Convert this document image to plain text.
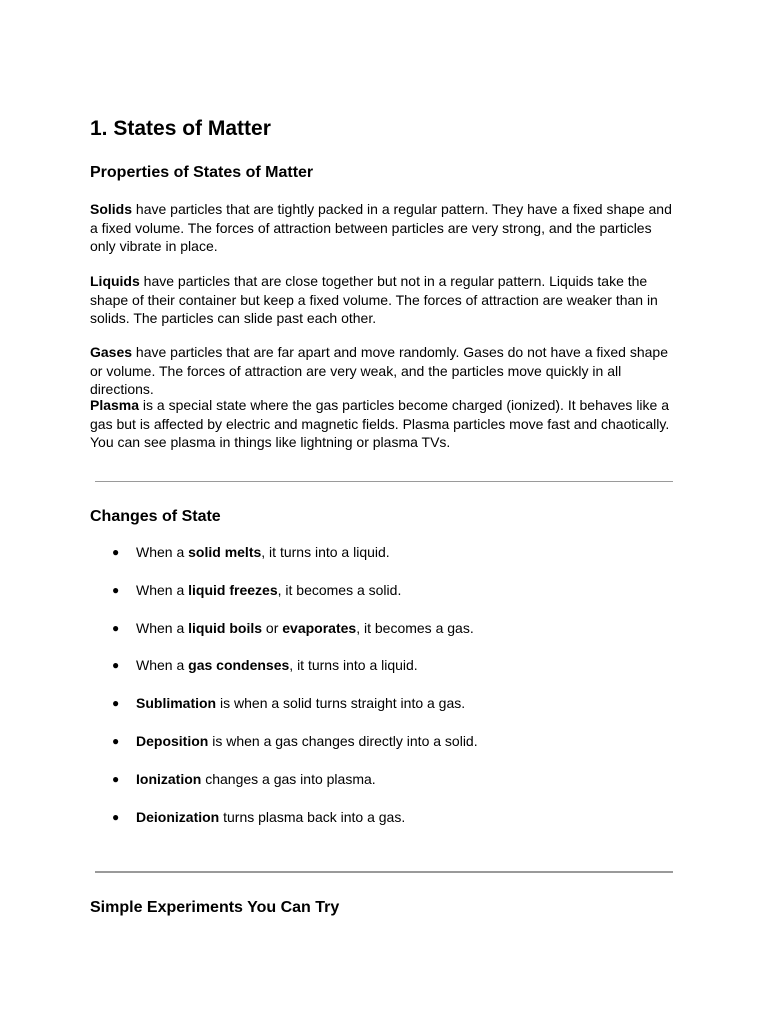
1. States of Matter
Properties of States of Matter

Solids have particles that are tightly packed in a regular pattern. They have a fixed shape and a fixed volume. The forces of attraction between particles are very strong, and the particles only vibrate in place.

Liquids have particles that are close together but not in a regular pattern. Liquids take the shape of their container but keep a fixed volume. The forces of attraction are weaker than in solids. The particles can slide past each other.

Gases have particles that are far apart and move randomly. Gases do not have a fixed shape or volume. The forces of attraction are very weak, and the particles move quickly in all directions.

Plasma is a special state where the gas particles become charged (ionized). It behaves like a gas but is affected by electric and magnetic fields. Plasma particles move fast and chaotically. You can see plasma in things like lightning or plasma TVs.

Changes of State
● When a solid melts, it turns into a liquid.
● When a liquid freezes, it becomes a solid.
● When a liquid boils or evaporates, it becomes a gas.
● When a gas condenses, it turns into a liquid.
● Sublimation is when a solid turns straight into a gas.
● Deposition is when a gas changes directly into a solid.
● Ionization changes a gas into plasma.
● Deionization turns plasma back into a gas.
Simple Experiments You Can Try
